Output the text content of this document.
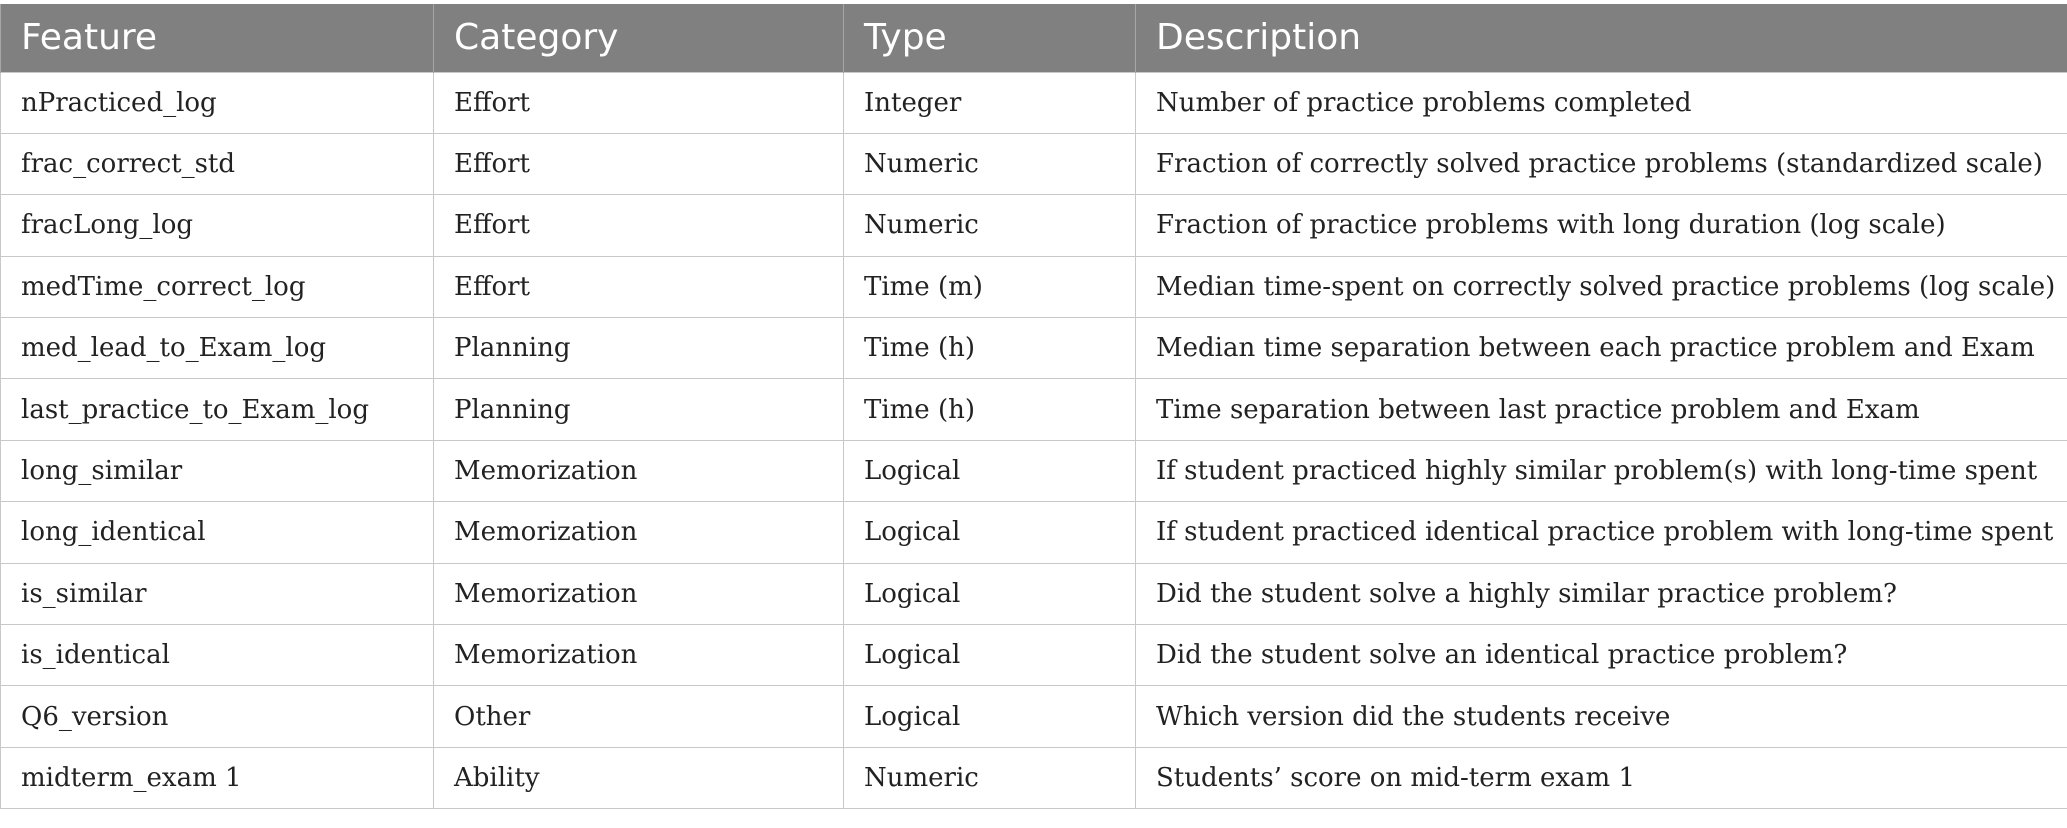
Feature	Category	Type	Description
nPracticed_log	Effort	Integer	Number of practice problems completed
frac_correct_std	Effort	Numeric	Fraction of correctly solved practice problems (standardized scale)
fracLong_log	Effort	Numeric	Fraction of practice problems with long duration (log scale)
medTime_correct_log	Effort	Time (m)	Median time-spent on correctly solved practice problems (log scale)
med_lead_to_Exam_log	Planning	Time (h)	Median time separation between each practice problem and Exam
last_practice_to_Exam_log	Planning	Time (h)	Time separation between last practice problem and Exam
long_similar	Memorization	Logical	If student practiced highly similar problem(s) with long-time spent
long_identical	Memorization	Logical	If student practiced identical practice problem with long-time spent
is_similar	Memorization	Logical	Did the student solve a highly similar practice problem?
is_identical	Memorization	Logical	Did the student solve an identical practice problem?
Q6_version	Other	Logical	Which version did the students receive
midterm_exam 1	Ability	Numeric	Students’ score on mid-term exam 1
